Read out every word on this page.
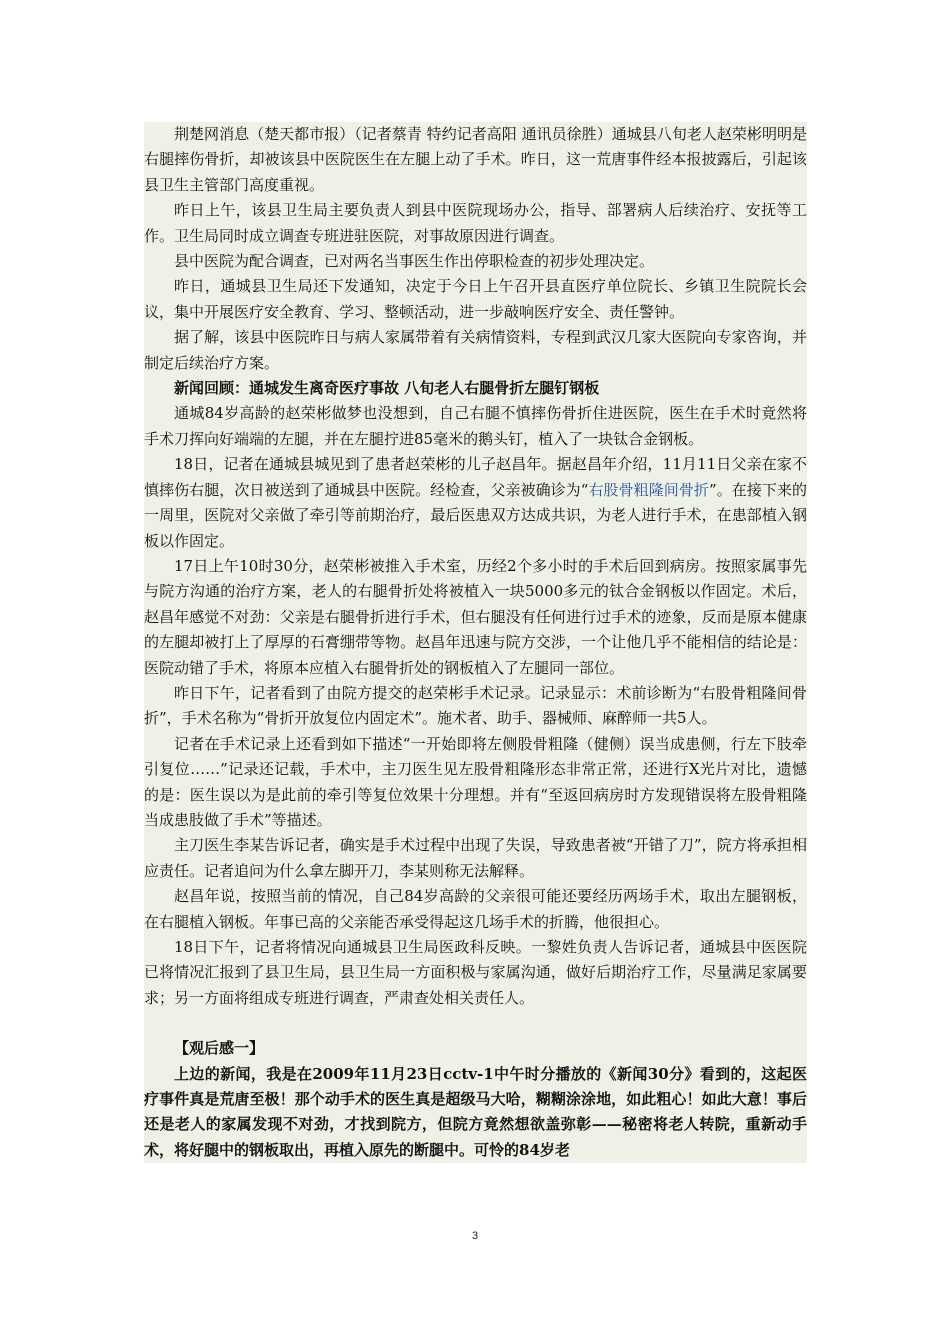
荆楚网消息（楚天都市报）（记者蔡青 特约记者高阳 通讯员徐胜）通城县八旬老人赵荣彬明明是右腿摔伤骨折，却被该县中医院医生在左腿上动了手术。昨日，这一荒唐事件经本报披露后，引起该县卫生主管部门高度重视。

昨日上午，该县卫生局主要负责人到县中医院现场办公，指导、部署病人后续治疗、安抚等工作。卫生局同时成立调查专班进驻医院，对事故原因进行调查。

县中医院为配合调查，已对两名当事医生作出停职检查的初步处理决定。

昨日，通城县卫生局还下发通知，决定于今日上午召开县直医疗单位院长、乡镇卫生院院长会议，集中开展医疗安全教育、学习、整顿活动，进一步敲响医疗安全、责任警钟。

据了解，该县中医院昨日与病人家属带着有关病情资料，专程到武汉几家大医院向专家咨询，并制定后续治疗方案。

新闻回顾：通城发生离奇医疗事故 八旬老人右腿骨折左腿钉钢板

通城84岁高龄的赵荣彬做梦也没想到，自己右腿不慎摔伤骨折住进医院，医生在手术时竟然将手术刀挥向好端端的左腿，并在左腿拧进85毫米的鹅头钉，植入了一块钛合金钢板。

18日，记者在通城县城见到了患者赵荣彬的儿子赵昌年。据赵昌年介绍，11月11日父亲在家不慎摔伤右腿，次日被送到了通城县中医院。经检查，父亲被确诊为“右股骨粗隆间骨折”。在接下来的一周里，医院对父亲做了牵引等前期治疗，最后医患双方达成共识，为老人进行手术，在患部植入钢板以作固定。

17日上午10时30分，赵荣彬被推入手术室，历经2个多小时的手术后回到病房。按照家属事先与院方沟通的治疗方案，老人的右腿骨折处将被植入一块5000多元的钛合金钢板以作固定。术后，赵昌年感觉不对劲：父亲是右腿骨折进行手术，但右腿没有任何进行过手术的迹象，反而是原本健康的左腿却被打上了厚厚的石膏绷带等物。赵昌年迅速与院方交涉，一个让他几乎不能相信的结论是：医院动错了手术，将原本应植入右腿骨折处的钢板植入了左腿同一部位。

昨日下午，记者看到了由院方提交的赵荣彬手术记录。记录显示：术前诊断为“右股骨粗隆间骨折”，手术名称为“骨折开放复位内固定术”。施术者、助手、器械师、麻醉师一共5人。

记者在手术记录上还看到如下描述“一开始即将左侧股骨粗隆（健侧）误当成患侧，行左下肢牵引复位……”记录还记载，手术中，主刀医生见左股骨粗隆形态非常正常，还进行X光片对比，遗憾的是：医生误以为是此前的牵引等复位效果十分理想。并有“至返回病房时方发现错误将左股骨粗隆当成患肢做了手术”等描述。

主刀医生李某告诉记者，确实是手术过程中出现了失误，导致患者被“开错了刀”，院方将承担相应责任。记者追问为什么拿左脚开刀，李某则称无法解释。

赵昌年说，按照当前的情况，自己84岁高龄的父亲很可能还要经历两场手术，取出左腿钢板，在右腿植入钢板。年事已高的父亲能否承受得起这几场手术的折腾，他很担心。

18日下午，记者将情况向通城县卫生局医政科反映。一黎姓负责人告诉记者，通城县中医医院已将情况汇报到了县卫生局，县卫生局一方面积极与家属沟通，做好后期治疗工作，尽量满足家属要求；另一方面将组成专班进行调查，严肃查处相关责任人。

【观后感一】

上边的新闻，我是在2009年11月23日cctv-1中午时分播放的《新闻30分》看到的，这起医疗事件真是荒唐至极！那个动手术的医生真是超级马大哈，糊糊涂涂地，如此粗心！如此大意！事后还是老人的家属发现不对劲，才找到院方，但院方竟然想欲盖弥彰——秘密将老人转院，重新动手术，将好腿中的钢板取出，再植入原先的断腿中。可怜的84岁老

3
